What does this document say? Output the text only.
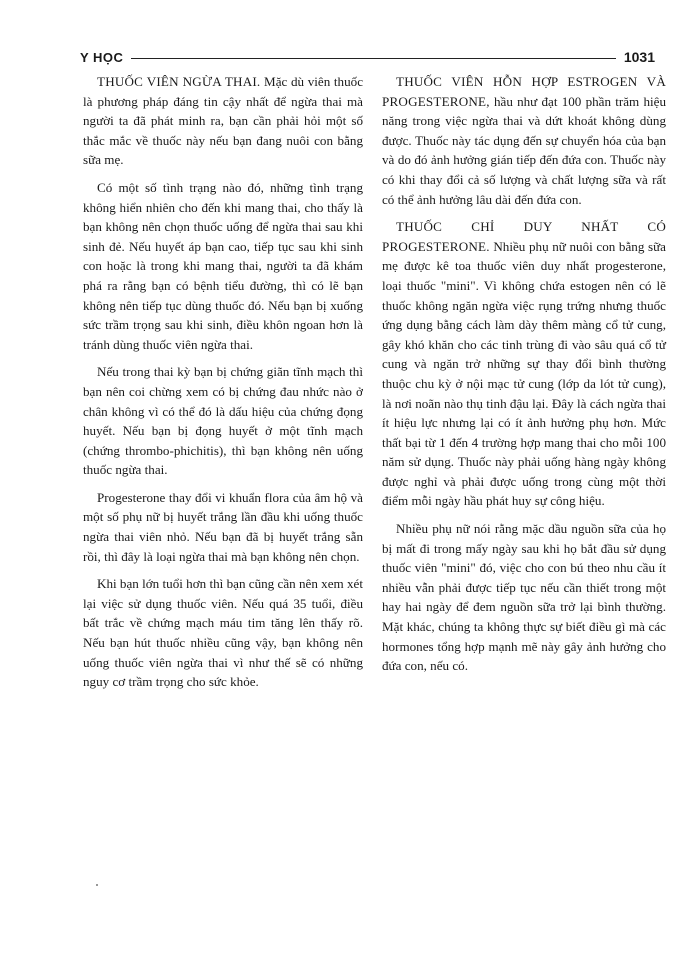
Y HỌC	1031

THUỐC VIÊN NGỪA THAI. Mặc dù viên thuốc là phương pháp đáng tin cậy nhất để ngừa thai mà người ta đã phát minh ra, bạn cần phải hỏi một số thắc mắc về thuốc này nếu bạn đang nuôi con bằng sữa mẹ.

Có một số tình trạng nào đó, những tình trạng không hiển nhiên cho đến khi mang thai, cho thấy là bạn không nên chọn thuốc uống để ngừa thai sau khi sinh đẻ. Nếu huyết áp bạn cao, tiếp tục sau khi sinh con hoặc là trong khi mang thai, người ta đã khám phá ra rằng bạn có bệnh tiểu đường, thì có lẽ bạn không nên tiếp tục dùng thuốc đó. Nếu bạn bị xuống sức trầm trọng sau khi sinh, điều khôn ngoan hơn là tránh dùng thuốc viên ngừa thai.

Nếu trong thai kỳ bạn bị chứng giãn tĩnh mạch thì bạn nên coi chừng xem có bị chứng đau nhức nào ở chân không vì có thể đó là dấu hiệu của chứng đọng huyết. Nếu bạn bị đọng huyết ở một tĩnh mạch (chứng thrombo-phichitis), thì bạn không nên uống thuốc ngừa thai.

Progesterone thay đổi vi khuẩn flora của âm hộ và một số phụ nữ bị huyết trắng lần đầu khi uống thuốc ngừa thai viên nhỏ. Nếu bạn đã bị huyết trắng sẵn rồi, thì đây là loại ngừa thai mà bạn không nên chọn.

Khi bạn lớn tuổi hơn thì bạn cũng cần nên xem xét lại việc sử dụng thuốc viên. Nếu quá 35 tuổi, điều bất trắc về chứng mạch máu tim tăng lên thấy rõ. Nếu bạn hút thuốc nhiều cũng vậy, bạn không nên uống thuốc viên ngừa thai vì như thế sẽ có những nguy cơ trầm trọng cho sức khỏe.

THUỐC VIÊN HỖN HỢP ESTROGEN VÀ PROGESTERONE, hầu như đạt 100 phần trăm hiệu năng trong việc ngừa thai và dứt khoát không dùng được. Thuốc này tác dụng đến sự chuyển hóa của bạn và do đó ảnh hưởng gián tiếp đến đứa con. Thuốc này có khi thay đổi cả số lượng và chất lượng sữa và rất có thể ảnh hưởng lâu dài đến đứa con.

THUỐC CHỈ DUY NHẤT CÓ PROGESTERONE. Nhiều phụ nữ nuôi con bằng sữa mẹ được kê toa thuốc viên duy nhất progesterone, loại thuốc "mini". Vì không chứa estogen nên có lẽ thuốc không ngăn ngừa việc rụng trứng nhưng thuốc ứng dụng bằng cách làm dày thêm màng cổ tử cung, gây khó khăn cho các tinh trùng đi vào sâu quá cổ tử cung và ngăn trở những sự thay đổi bình thường thuộc chu kỳ ở nội mạc tử cung (lớp da lót tử cung), là nơi noãn nào thụ tinh đậu lại. Đây là cách ngừa thai ít hiệu lực nhưng lại có ít ảnh hưởng phụ hơn. Mức thất bại từ 1 đến 4 trường hợp mang thai cho mỗi 100 năm sử dụng. Thuốc này phải uống hàng ngày không được nghỉ và phải được uống trong cùng một thời điểm mỗi ngày hầu phát huy sự công hiệu.

Nhiều phụ nữ nói rằng mặc dầu nguồn sữa của họ bị mất đi trong mấy ngày sau khi họ bắt đầu sử dụng thuốc viên "mini" đó, việc cho con bú theo nhu cầu ít nhiều vẫn phải được tiếp tục nếu cần thiết trong một hay hai ngày để đem nguồn sữa trở lại bình thường. Mặt khác, chúng ta không thực sự biết điều gì mà các hormones tổng hợp mạnh mẽ này gây ảnh hưởng cho đứa con, nếu có.
